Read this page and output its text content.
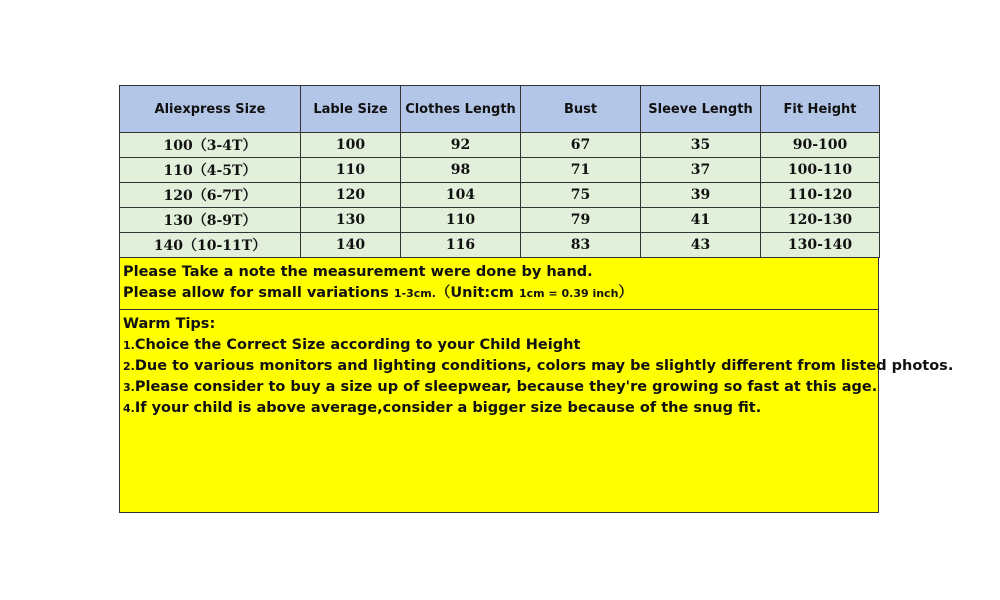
Aliexpress Size	Lable Size	Clothes Length	Bust	Sleeve Length	Fit Height
100（3-4T）	100	92	67	35	90-100
110（4-5T）	110	98	71	37	100-110
120（6-7T）	120	104	75	39	110-120
130（8-9T）	130	110	79	41	120-130
140（10-11T）	140	116	83	43	130-140
Please Take a note the measurement were done by hand.
Please allow for small variations 1-3cm.（Unit:cm 1cm = 0.39 inch）
Warm Tips:
1.Choice the Correct Size according to your Child Height
2.Due to various monitors and lighting conditions, colors may be slightly different from listed photos.
3.Please consider to buy a size up of sleepwear, because they're growing so fast at this age.
4.If your child is above average,consider a bigger size because of the snug fit.
